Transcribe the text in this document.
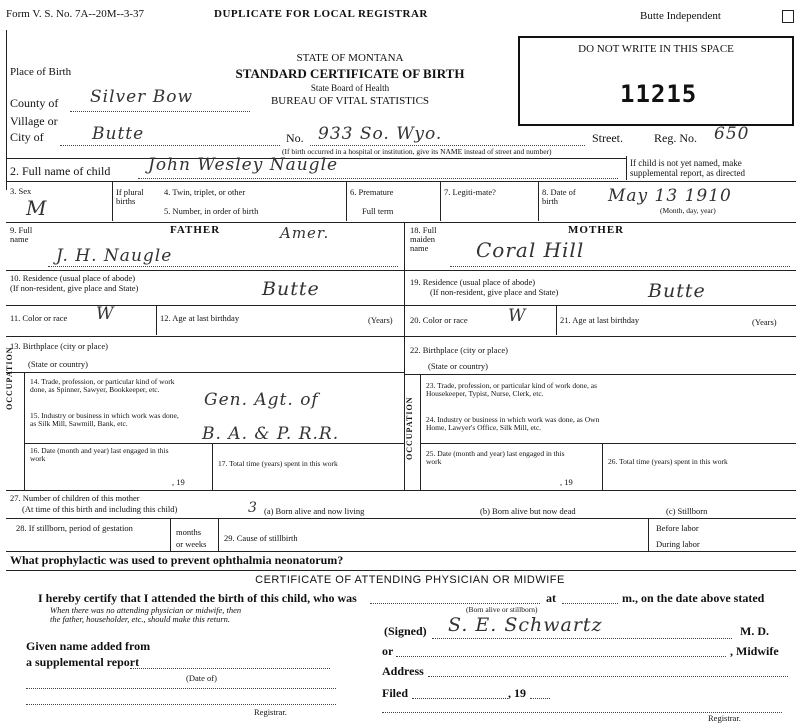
Form V. S. No. 7A--20M--3-37	DUPLICATE FOR LOCAL REGISTRAR	Butte Independent
STATE OF MONTANA
STANDARD CERTIFICATE OF BIRTH
State Board of Health
BUREAU OF VITAL STATISTICS
DO NOT WRITE IN THIS SPACE
11215
Place of Birth
County of Silver Bow
Village or
City of	Butte	No. 933 So. Wyo.	Street.	Reg. No. 650
(If birth occurred in a hospital or institution, give its NAME instead of street and number)
2. Full name of child John Wesley Naugle	If child is not yet named, make
supplemental report, as directed
3. Sex
M
If plural births
4. Twin, triplet, or other
5. Number, in order of birth
6. Premature
Full term
7. Legiti-mate?	8. Date of birth	May 13 1910
(Month, day, year)
FATHER
9. Full name	Amer.
J. H. Naugle
10. Residence (usual place of abode)
(If non-resident, give place and State)	Butte
11. Color or race W	12. Age at last birthday	(Years)
13. Birthplace (city or place)
(State or country)
OCCUPATION 14. Trade, profession, or particular kind of work done, as Spinner, Sawyer, Bookkeeper, etc.
Gen. Agt. of
15. Industry or business in which work was done, as Silk Mill, Sawmill, Bank, etc.
B. A. & P. R.R.
16. Date (month and year) last engaged in this work
, 19
17. Total time (years) spent in this work
MOTHER
18. Full maiden name	Coral Hill
19. Residence (usual place of abode)
(If non-resident, give place and State)	Butte
20. Color or race W	21. Age at last birthday	(Years)
22. Birthplace (city or place)
(State or country)
OCCUPATION
23. Trade, profession, or particular kind of work done, as Housekeeper, Typist, Nurse, Clerk, etc.
24. Industry or business in which work was done, as Own Home, Lawyer's Office, Silk Mill, etc.
25. Date (month and year) last engaged in this work
, 19
26. Total time (years) spent in this work
27. Number of children of this mother
(At time of this birth and including this child)	3 (a) Born alive and now living	(b) Born alive but now dead	(c) Stillborn
28. If stillborn, period of gestation	months
or weeks
29. Cause of stillbirth
Before labor
During labor
What prophylactic was used to prevent ophthalmia neonatorum?
CERTIFICATE OF ATTENDING PHYSICIAN OR MIDWIFE
I hereby certify that I attended the birth of this child, who was	at	m., on the date above stated
(Born alive or stillborn)
When there was no attending physician or midwife, then the father, householder, etc., should make this return.
Given name added from
a supplemental report
(Date of)
Registrar.
(Signed) S. E. Schwartz	M. D.
or	, Midwife
Address
Filed	, 19
Registrar.
